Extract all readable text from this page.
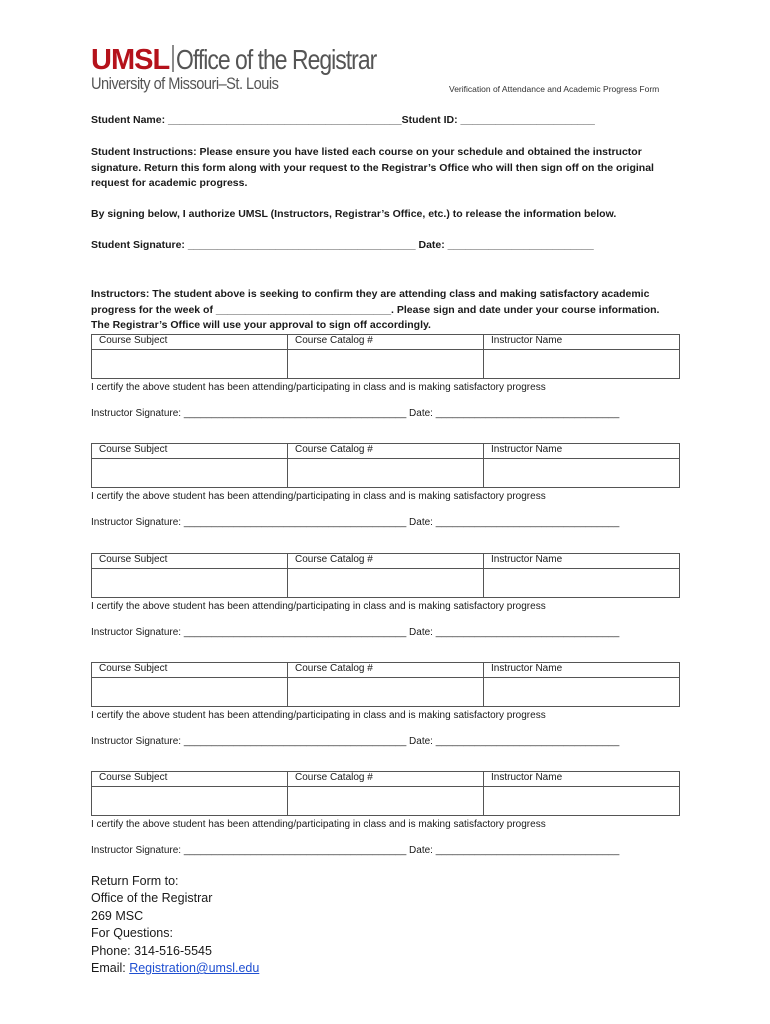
UMSL Office of the Registrar
University of Missouri–St. Louis	Verification of Attendance and Academic Progress Form
Student Name: ________________________________________Student ID: _______________________
Student Instructions: Please ensure you have listed each course on your schedule and obtained the instructor signature. Return this form along with your request to the Registrar’s Office who will then sign off on the original request for academic progress.
By signing below, I authorize UMSL (Instructors, Registrar’s Office, etc.) to release the information below.
Student Signature: _______________________________________ Date: _________________________
Instructors: The student above is seeking to confirm they are attending class and making satisfactory academic progress for the week of ______________________________. Please sign and date under your course information. The Registrar’s Office will use your approval to sign off accordingly.
Course Subject	Course Catalog #	Instructor Name

I certify the above student has been attending/participating in class and is making satisfactory progress
Instructor Signature: ________________________________________ Date: _________________________________
Course Subject	Course Catalog #	Instructor Name

I certify the above student has been attending/participating in class and is making satisfactory progress
Instructor Signature: ________________________________________ Date: _________________________________
Course Subject	Course Catalog #	Instructor Name

I certify the above student has been attending/participating in class and is making satisfactory progress
Instructor Signature: ________________________________________ Date: _________________________________
Course Subject	Course Catalog #	Instructor Name

I certify the above student has been attending/participating in class and is making satisfactory progress
Instructor Signature: ________________________________________ Date: _________________________________
Course Subject	Course Catalog #	Instructor Name

I certify the above student has been attending/participating in class and is making satisfactory progress
Instructor Signature: ________________________________________ Date: _________________________________
Return Form to:
Office of the Registrar
269 MSC
For Questions:
Phone: 314-516-5545
Email: Registration@umsl.edu
